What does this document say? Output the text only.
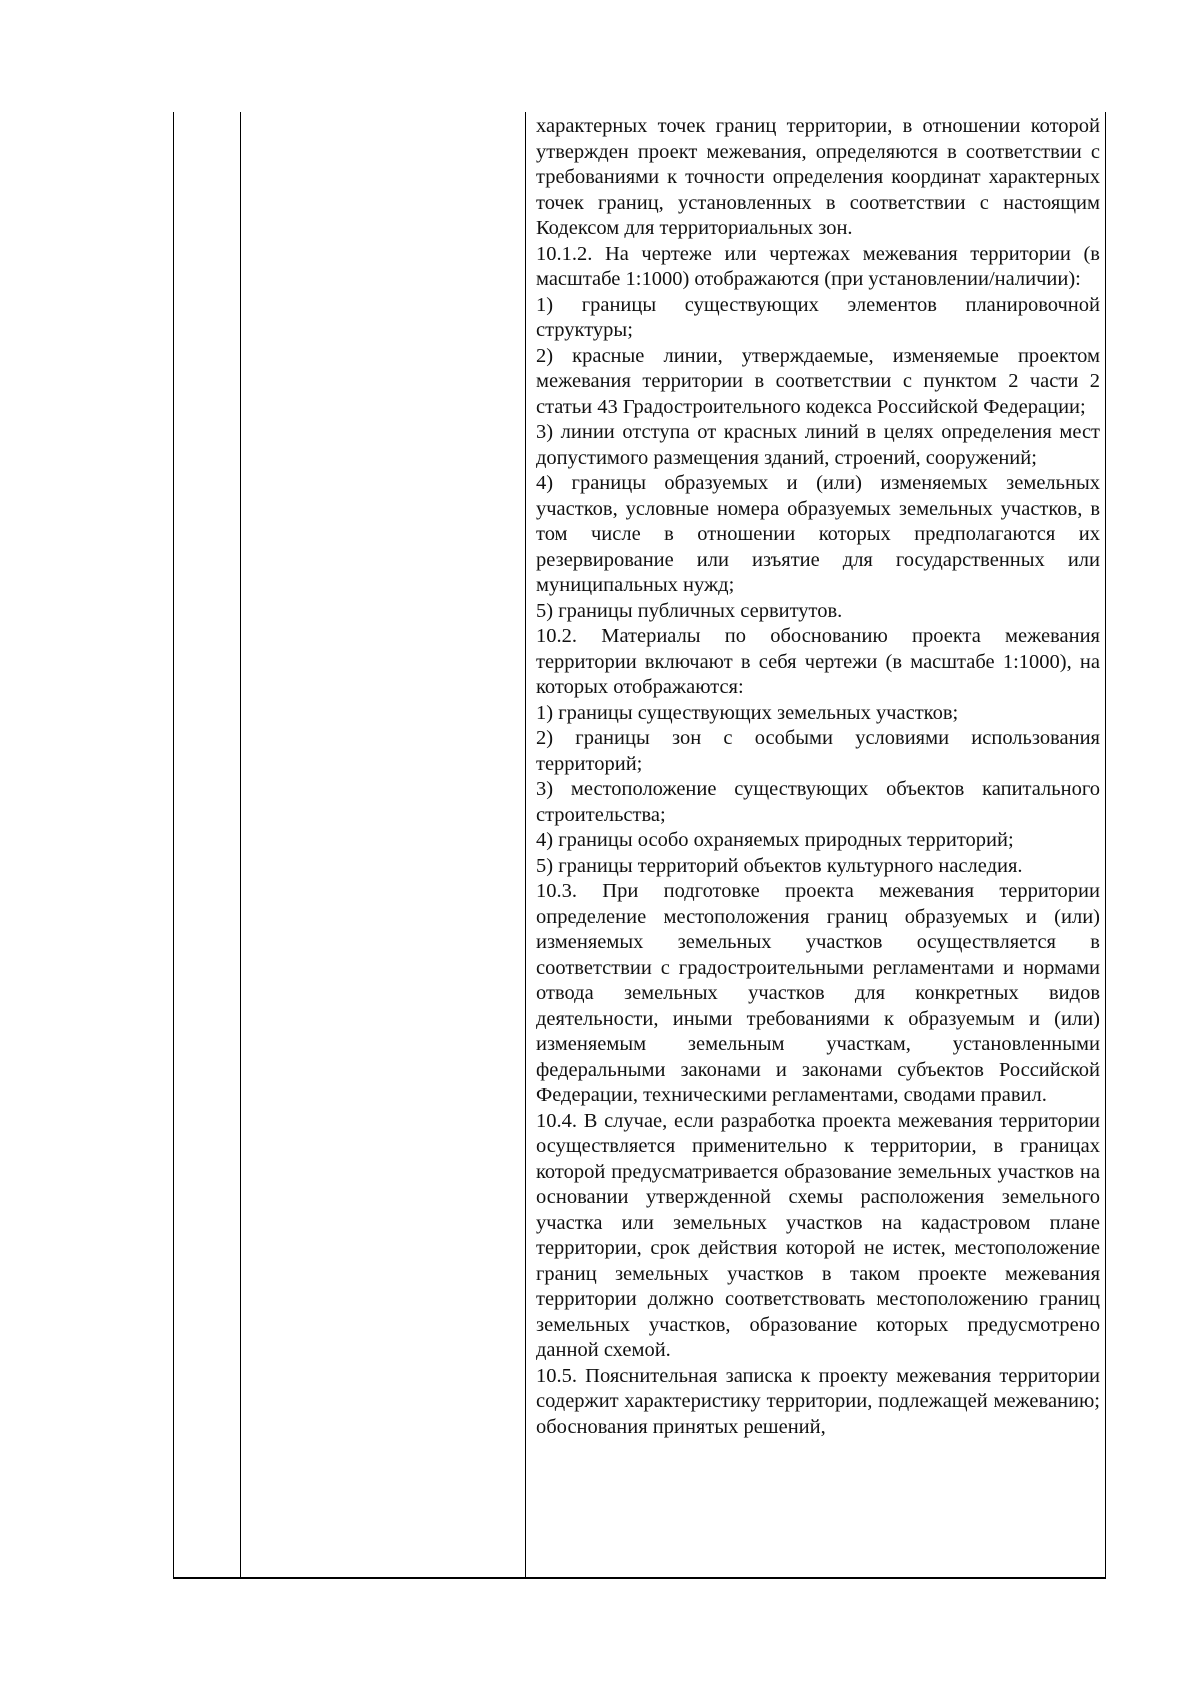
характерных точек границ территории, в отношении которой утвержден проект межевания, определяются в соответствии с требованиями к точности определения координат характерных точек границ, установленных в соответствии с настоящим Кодексом для территориальных зон.

10.1.2. На чертеже или чертежах межевания территории (в масштабе 1:1000) отображаются (при установлении/наличии):

1) границы существующих элементов планировочной структуры;

2) красные линии, утверждаемые, изменяемые проектом межевания территории в соответствии с пунктом 2 части 2 статьи 43 Градостроительного кодекса Российской Федерации;

3) линии отступа от красных линий в целях определения мест допустимого размещения зданий, строений, сооружений;

4) границы образуемых и (или) изменяемых земельных участков, условные номера образуемых земельных участков, в том числе в отношении которых предполагаются их резервирование или изъятие для государственных или муниципальных нужд;

5) границы публичных сервитутов.

10.2. Материалы по обоснованию проекта межевания территории включают в себя чертежи (в масштабе 1:1000), на которых отображаются:

1) границы существующих земельных участков;

2) границы зон с особыми условиями использования территорий;

3) местоположение существующих объектов капитального строительства;

4) границы особо охраняемых природных территорий;

5) границы территорий объектов культурного наследия.

10.3. При подготовке проекта межевания территории определение местоположения границ образуемых и (или) изменяемых земельных участков осуществляется в соответствии с градостроительными регламентами и нормами отвода земельных участков для конкретных видов деятельности, иными требованиями к образуемым и (или) изменяемым земельным участкам, установленными федеральными законами и законами субъектов Российской Федерации, техническими регламентами, сводами правил.

10.4. В случае, если разработка проекта межевания территории осуществляется применительно к территории, в границах которой предусматривается образование земельных участков на основании утвержденной схемы расположения земельного участка или земельных участков на кадастровом плане территории, срок действия которой не истек, местоположение границ земельных участков в таком проекте межевания территории должно соответствовать местоположению границ земельных участков, образование которых предусмотрено данной схемой.

10.5. Пояснительная записка к проекту межевания территории содержит характеристику территории, подлежащей межеванию; обоснования принятых решений,
